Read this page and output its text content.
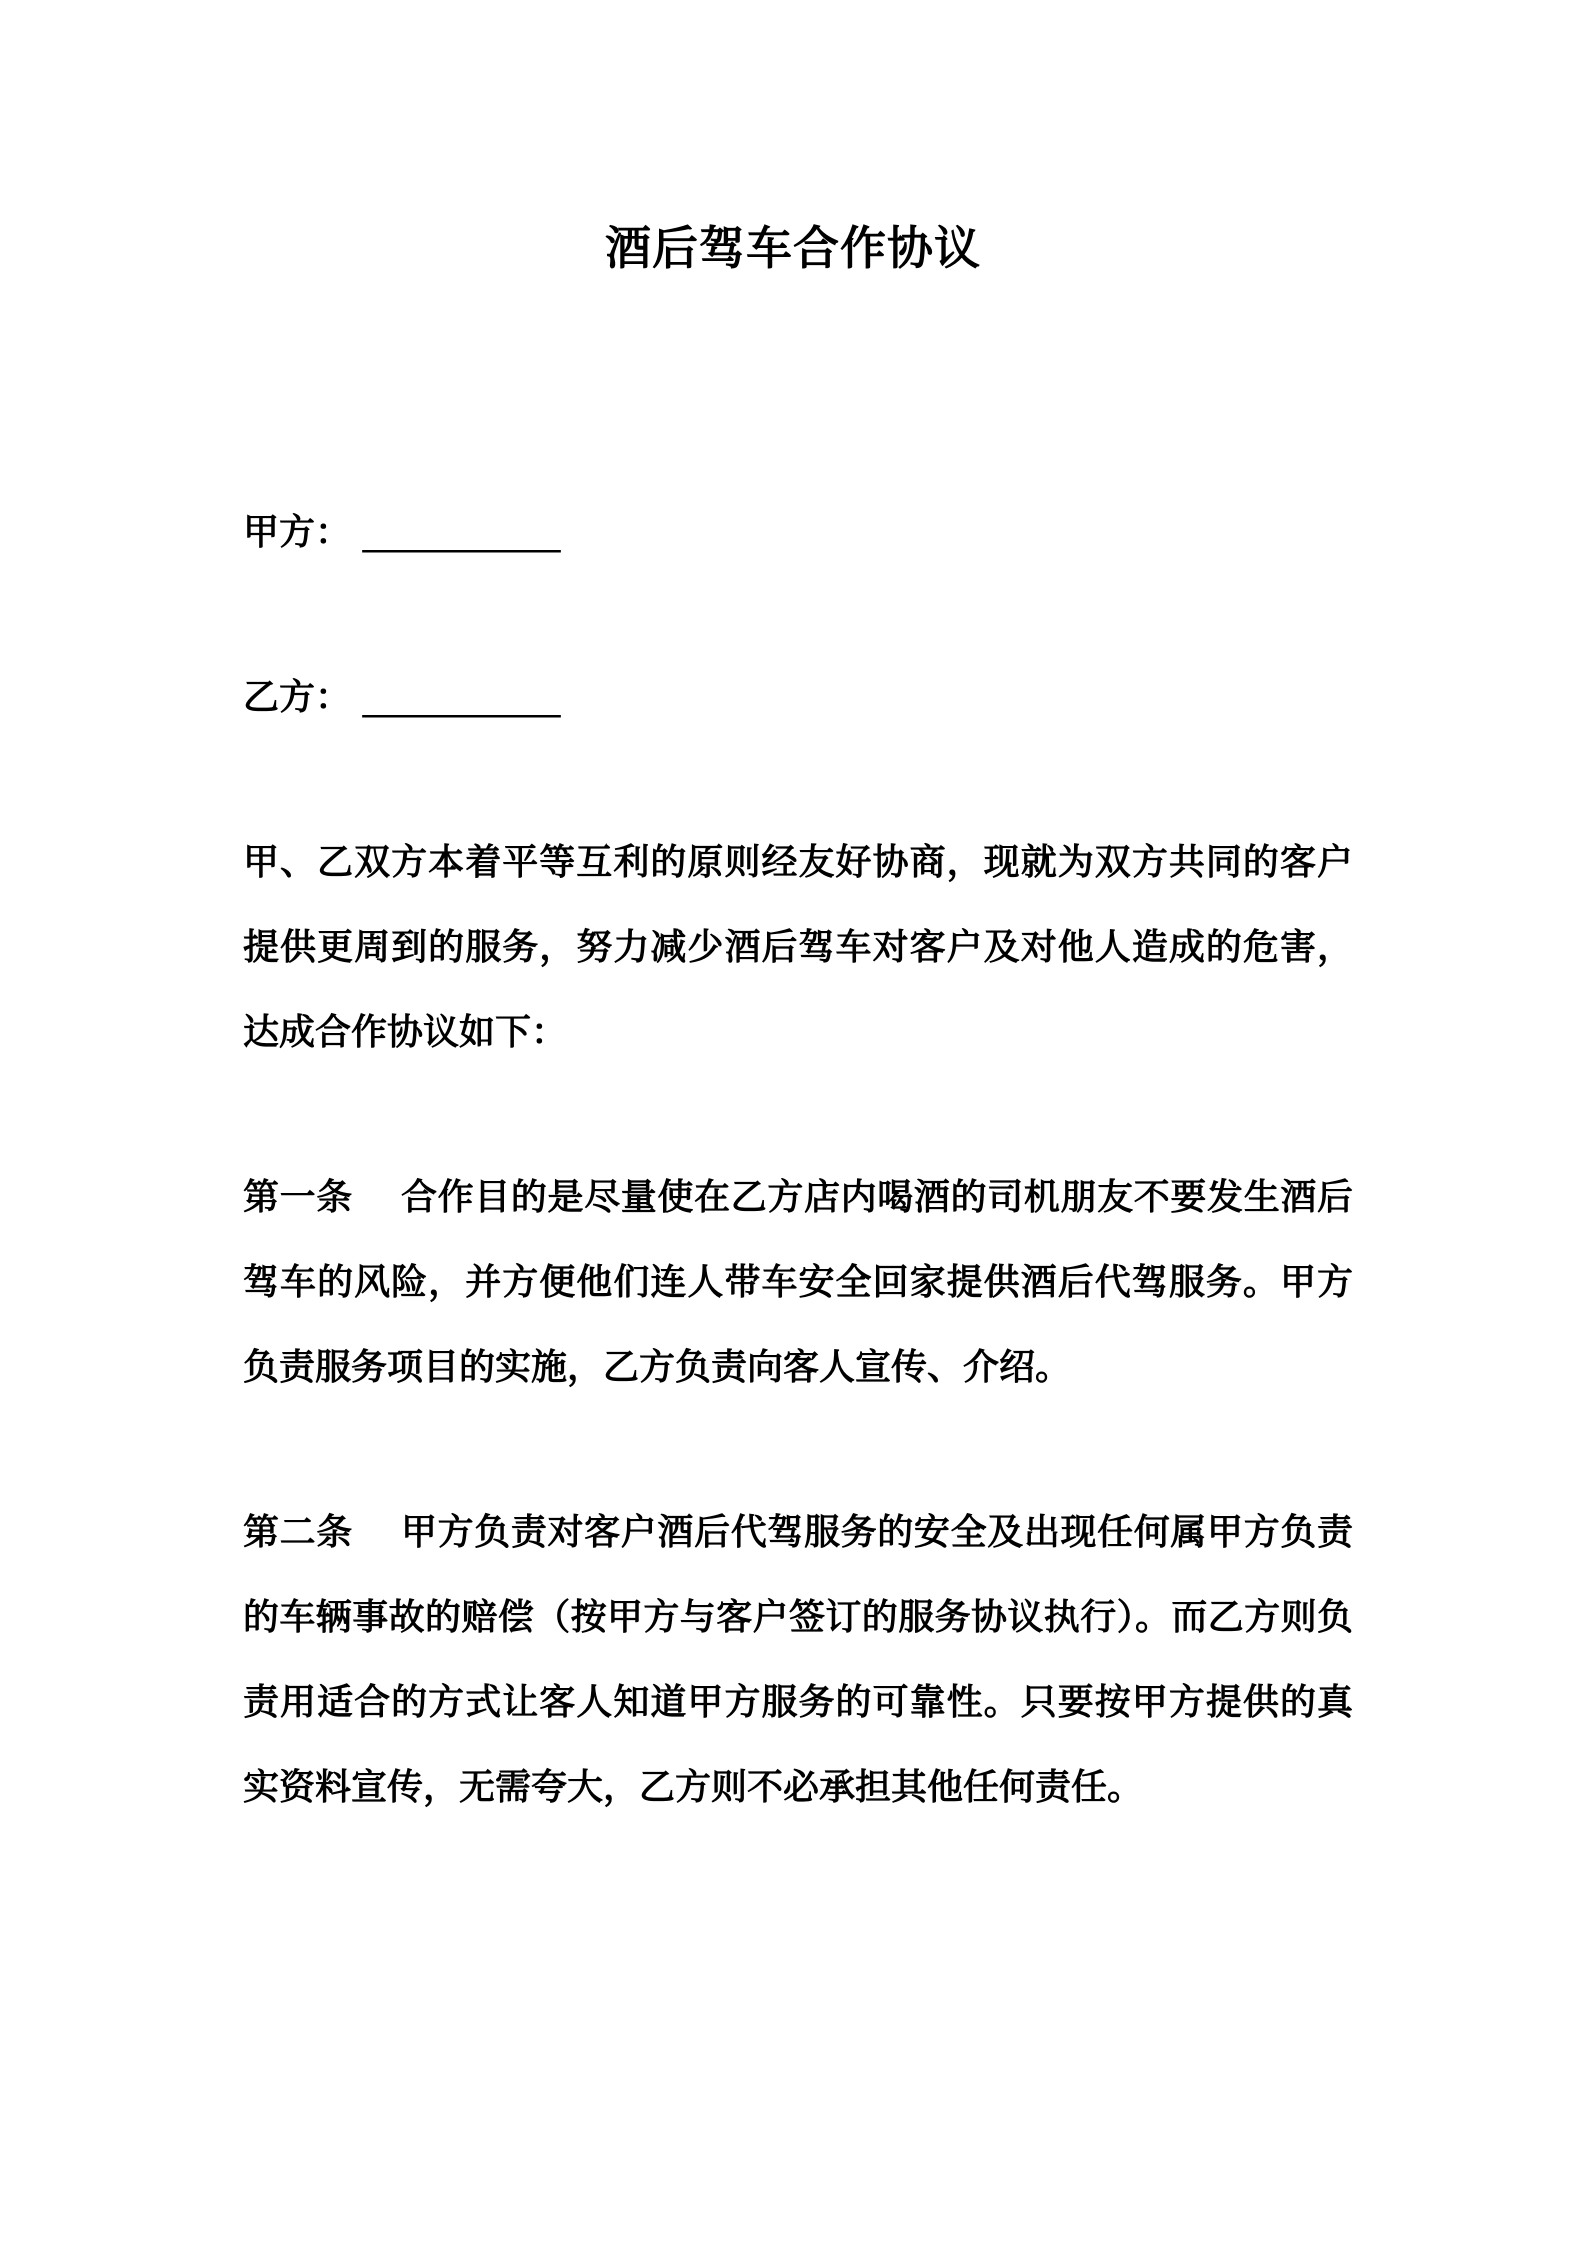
酒后驾车合作协议

甲方： ___________

乙方： ___________

甲、乙双方本着平等互利的原则经友好协商，现就为双方共同的客户提供更周到的服务，努力减少酒后驾车对客户及对他人造成的危害，达成合作协议如下：

第一条 合作目的是尽量使在乙方店内喝酒的司机朋友不要发生酒后驾车的风险，并方便他们连人带车安全回家提供酒后代驾服务。甲方负责服务项目的实施，乙方负责向客人宣传、介绍。

第二条 甲方负责对客户酒后代驾服务的安全及出现任何属甲方负责的车辆事故的赔偿（按甲方与客户签订的服务协议执行）。而乙方则负责用适合的方式让客人知道甲方服务的可靠性。只要按甲方提供的真实资料宣传，无需夸大，乙方则不必承担其他任何责任。
